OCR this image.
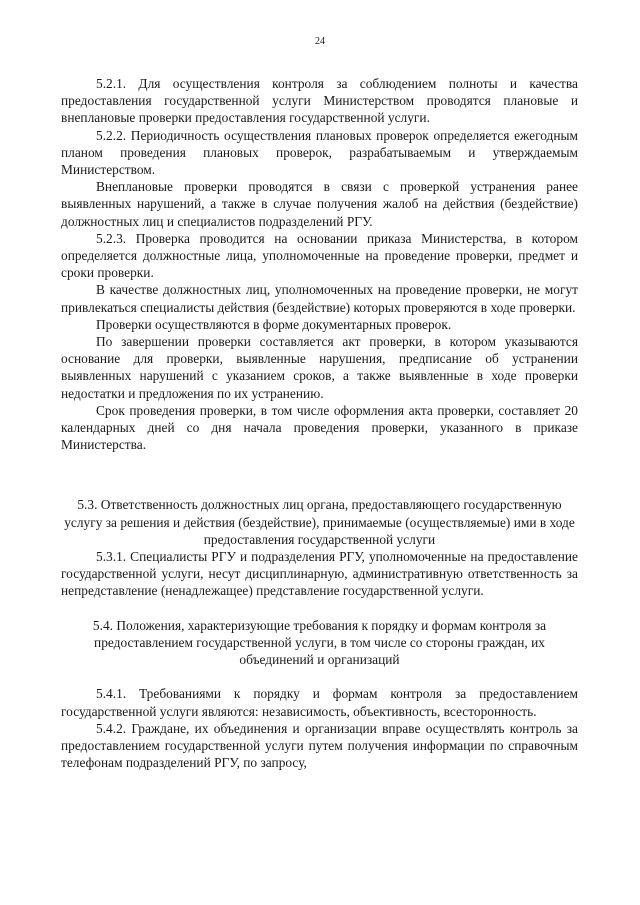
24

5.2.1. Для осуществления контроля за соблюдением полноты и качества предоставления государственной услуги Министерством проводятся плановые и внеплановые проверки предоставления государственной услуги.

5.2.2. Периодичность осуществления плановых проверок определяется ежегодным планом проведения плановых проверок, разрабатываемым и утверждаемым Министерством.

Внеплановые проверки проводятся в связи с проверкой устранения ранее выявленных нарушений, а также в случае получения жалоб на действия (бездействие) должностных лиц и специалистов подразделений РГУ.

5.2.3. Проверка проводится на основании приказа Министерства, в котором определяется должностные лица, уполномоченные на проведение проверки, предмет и сроки проверки.

В качестве должностных лиц, уполномоченных на проведение проверки, не могут привлекаться специалисты действия (бездействие) которых проверяются в ходе проверки.

Проверки осуществляются в форме документарных проверок.

По завершении проверки составляется акт проверки, в котором указываются основание для проверки, выявленные нарушения, предписание об устранении выявленных нарушений с указанием сроков, а также выявленные в ходе проверки недостатки и предложения по их устранению.

Срок проведения проверки, в том числе оформления акта проверки, составляет 20 календарных дней со дня начала проведения проверки, указанного в приказе Министерства.

5.3. Ответственность должностных лиц органа, предоставляющего государственную услугу за решения и действия (бездействие), принимаемые (осуществляемые) ими в ходе предоставления государственной услуги

5.3.1. Специалисты РГУ и подразделения РГУ, уполномоченные на предоставление государственной услуги, несут дисциплинарную, административную ответственность за непредставление (ненадлежащее) представление государственной услуги.

5.4. Положения, характеризующие требования к порядку и формам контроля за предоставлением государственной услуги, в том числе со стороны граждан, их объединений и организаций

5.4.1. Требованиями к порядку и формам контроля за предоставлением государственной услуги являются: независимость, объективность, всесторонность.

5.4.2. Граждане, их объединения и организации вправе осуществлять контроль за предоставлением государственной услуги путем получения информации по справочным телефонам подразделений РГУ, по запросу,
